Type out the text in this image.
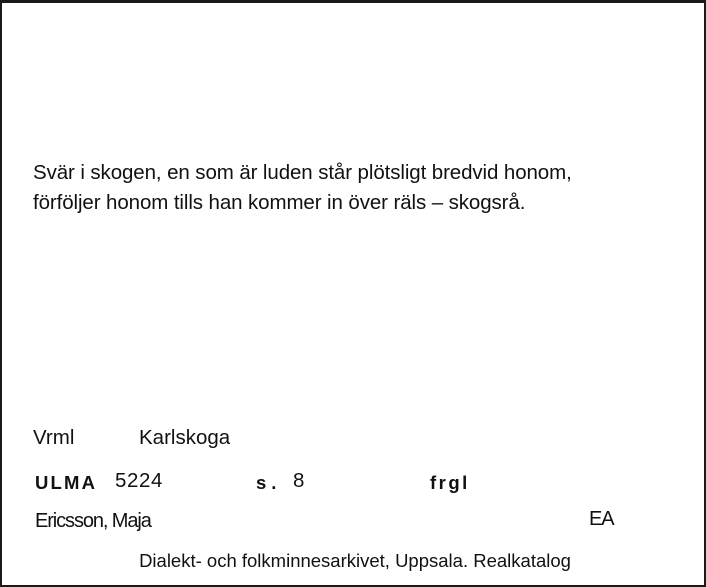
Svär i skogen, en som är luden står plötsligt bredvid honom,
förföljer honom tills han kommer in över räls – skogsrå.
Vrml	Karlskoga
ULMA 5224	s. 8	frgl
Ericsson, Maja	EA
Dialekt- och folkminnesarkivet, Uppsala. Realkatalog
